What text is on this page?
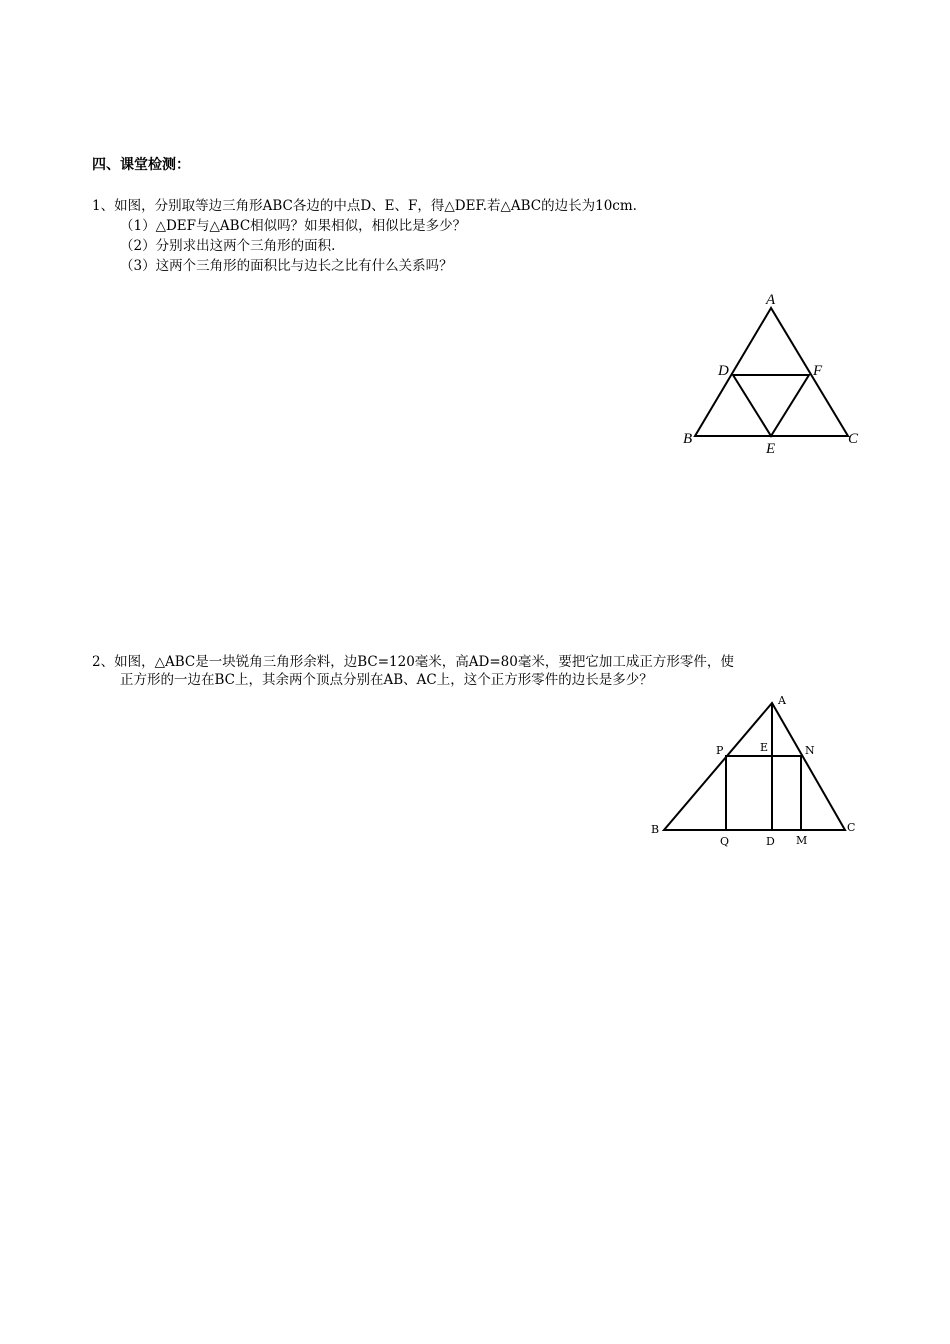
四、课堂检测：
1、如图，分别取等边三角形ABC各边的中点D、E、F，得△DEF.若△ABC的边长为10cm.
（1）△DEF与△ABC相似吗？如果相似，相似比是多少？
（2）分别求出这两个三角形的面积.
（3）这两个三角形的面积比与边长之比有什么关系吗？
A
D	F
B	C
E
2、如图，△ABC是一块锐角三角形余料，边BC=120毫米，高AD=80毫米，要把它加工成正方形零件，使
正方形的一边在BC上，其余两个顶点分别在AB、AC上，这个正方形零件的边长是多少？
A
P	E	N
B	C
Q	D M
